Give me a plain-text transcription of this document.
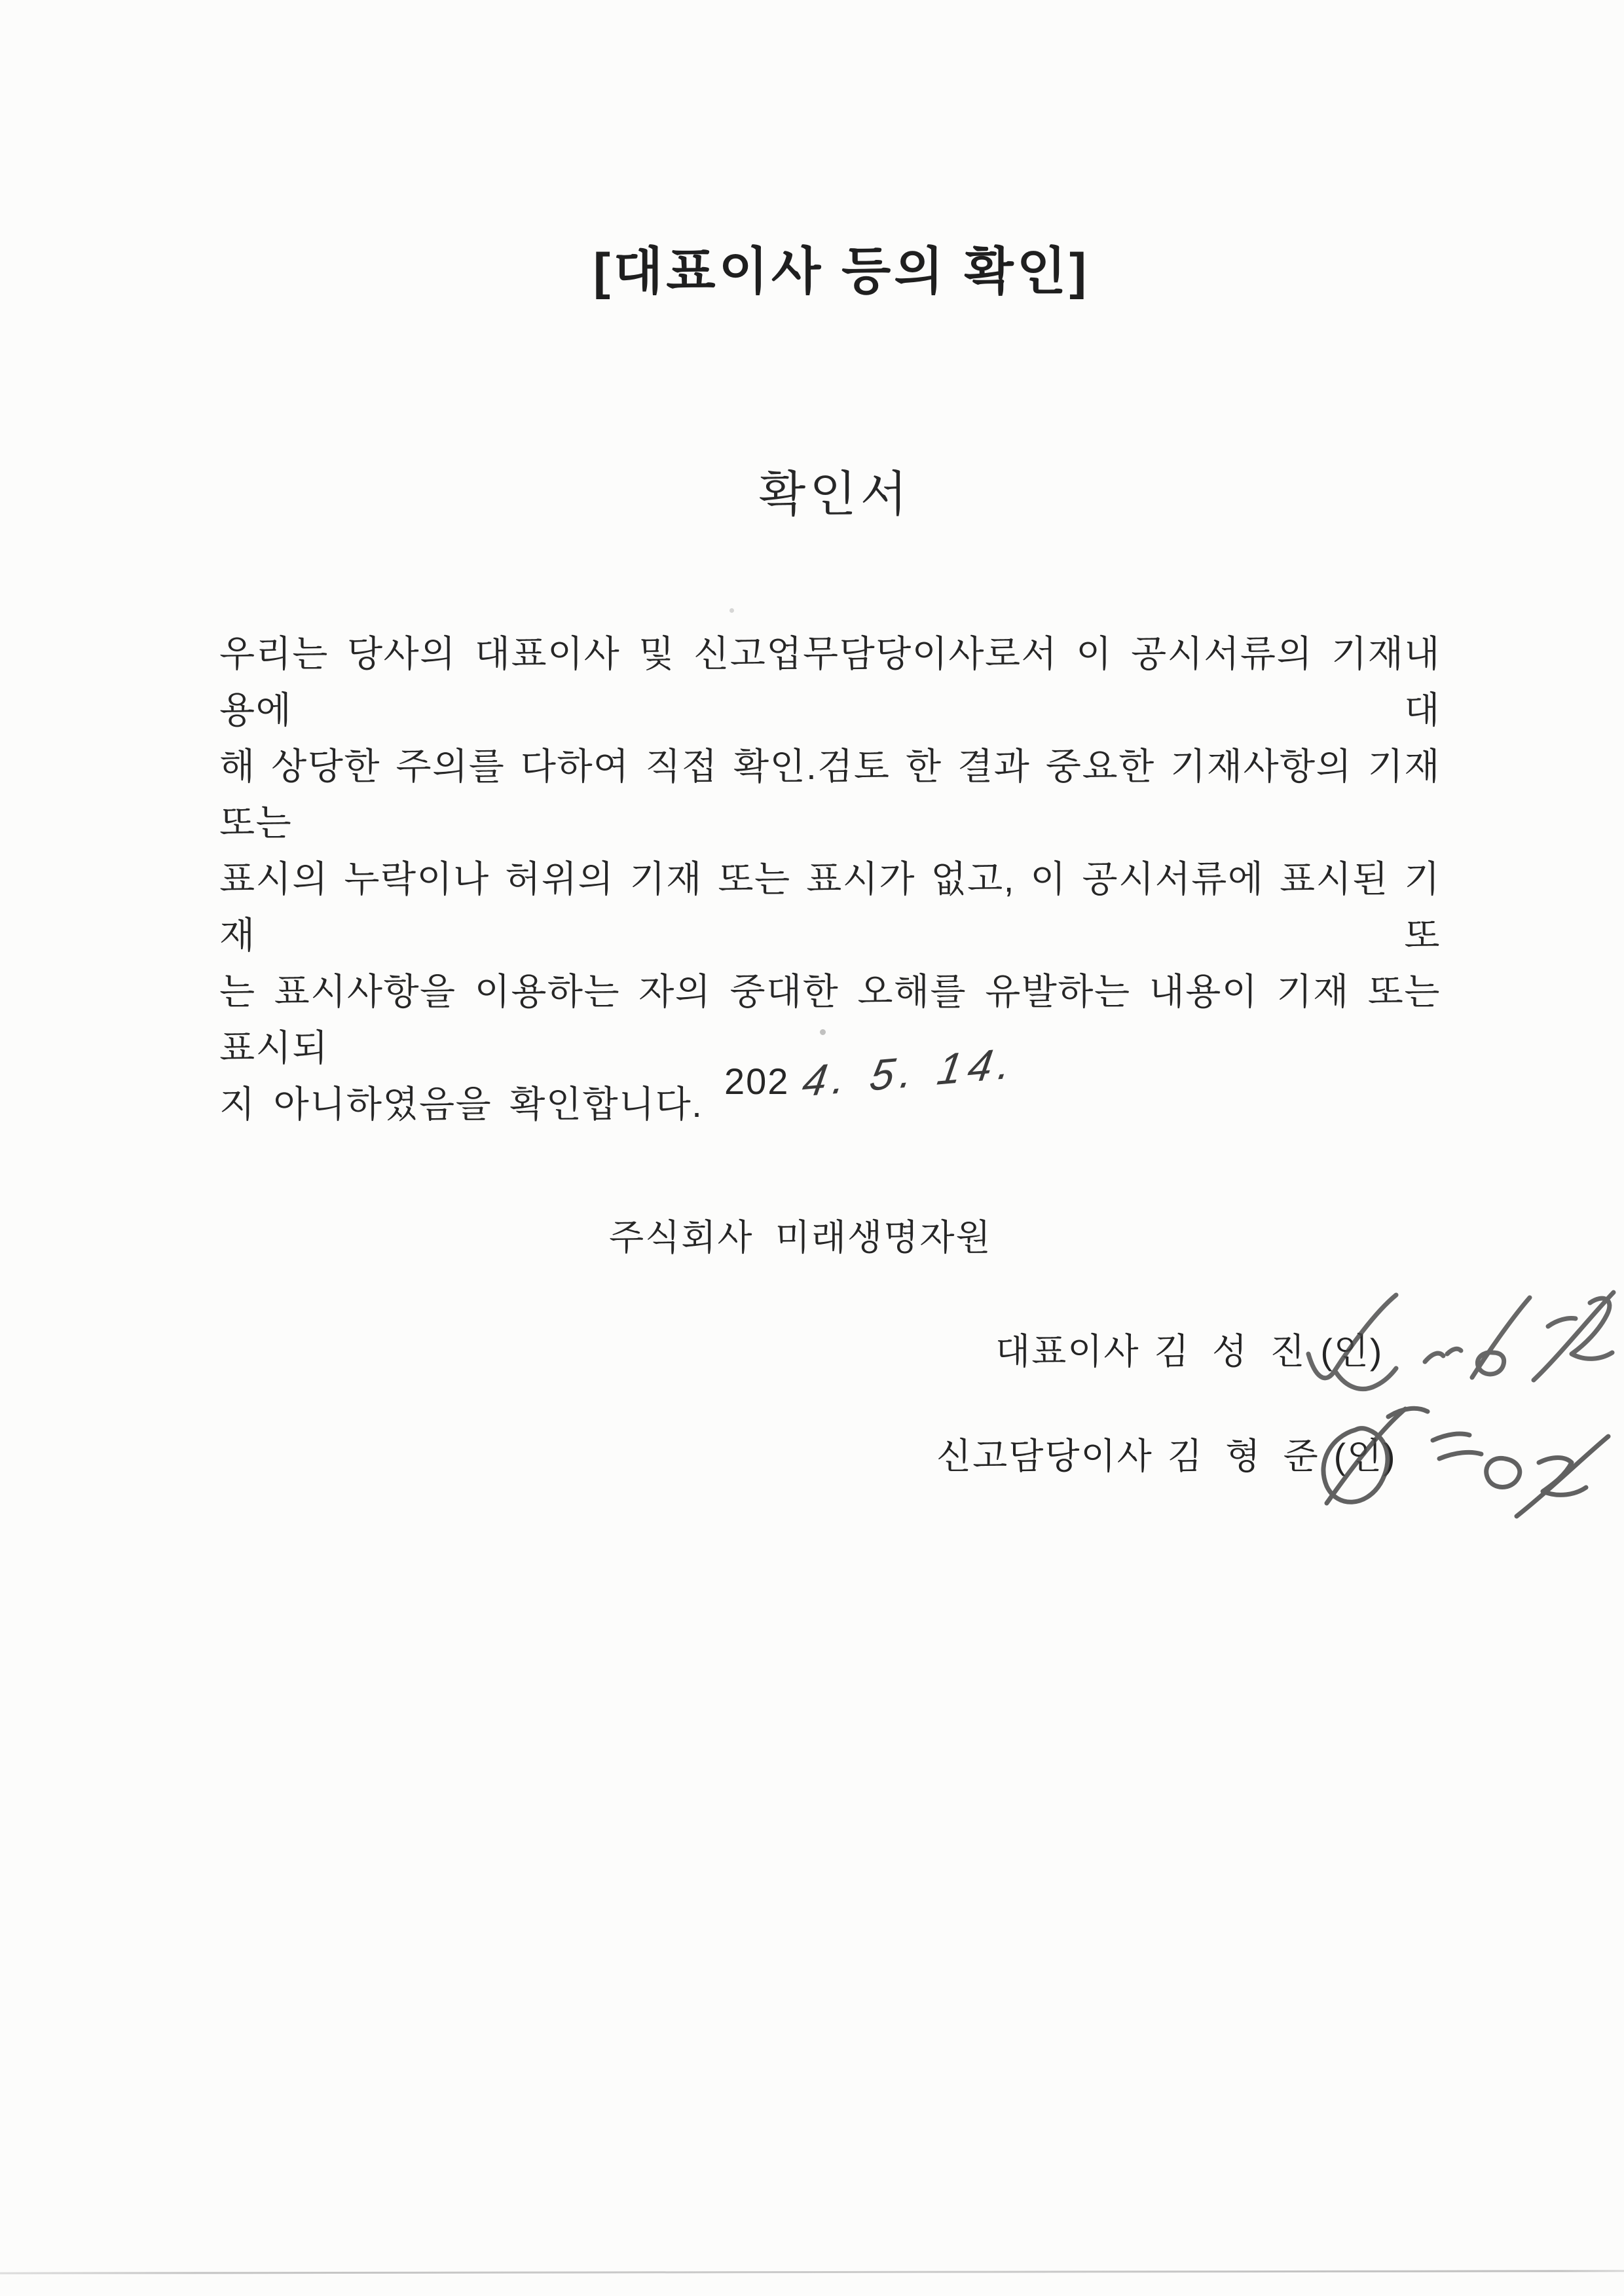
[대표이사 등의 확인]
확인서
우리는 당사의 대표이사 및 신고업무담당이사로서 이 공시서류의 기재내용에 대
해 상당한 주의를 다하여 직접 확인.검토 한 결과 중요한 기재사항의 기재 또는
표시의 누락이나 허위의 기재 또는 표시가 없고, 이 공시서류에 표시된 기재 또
는 표시사항을 이용하는 자의 중대한 오해를 유발하는 내용이 기재 또는 표시되
지 아니하였음을 확인합니다.
202 4. 5. 14.
주식회사 미래생명자원
대표이사 김 성 진 (인)
신고담당이사 김 형 준 (인)
